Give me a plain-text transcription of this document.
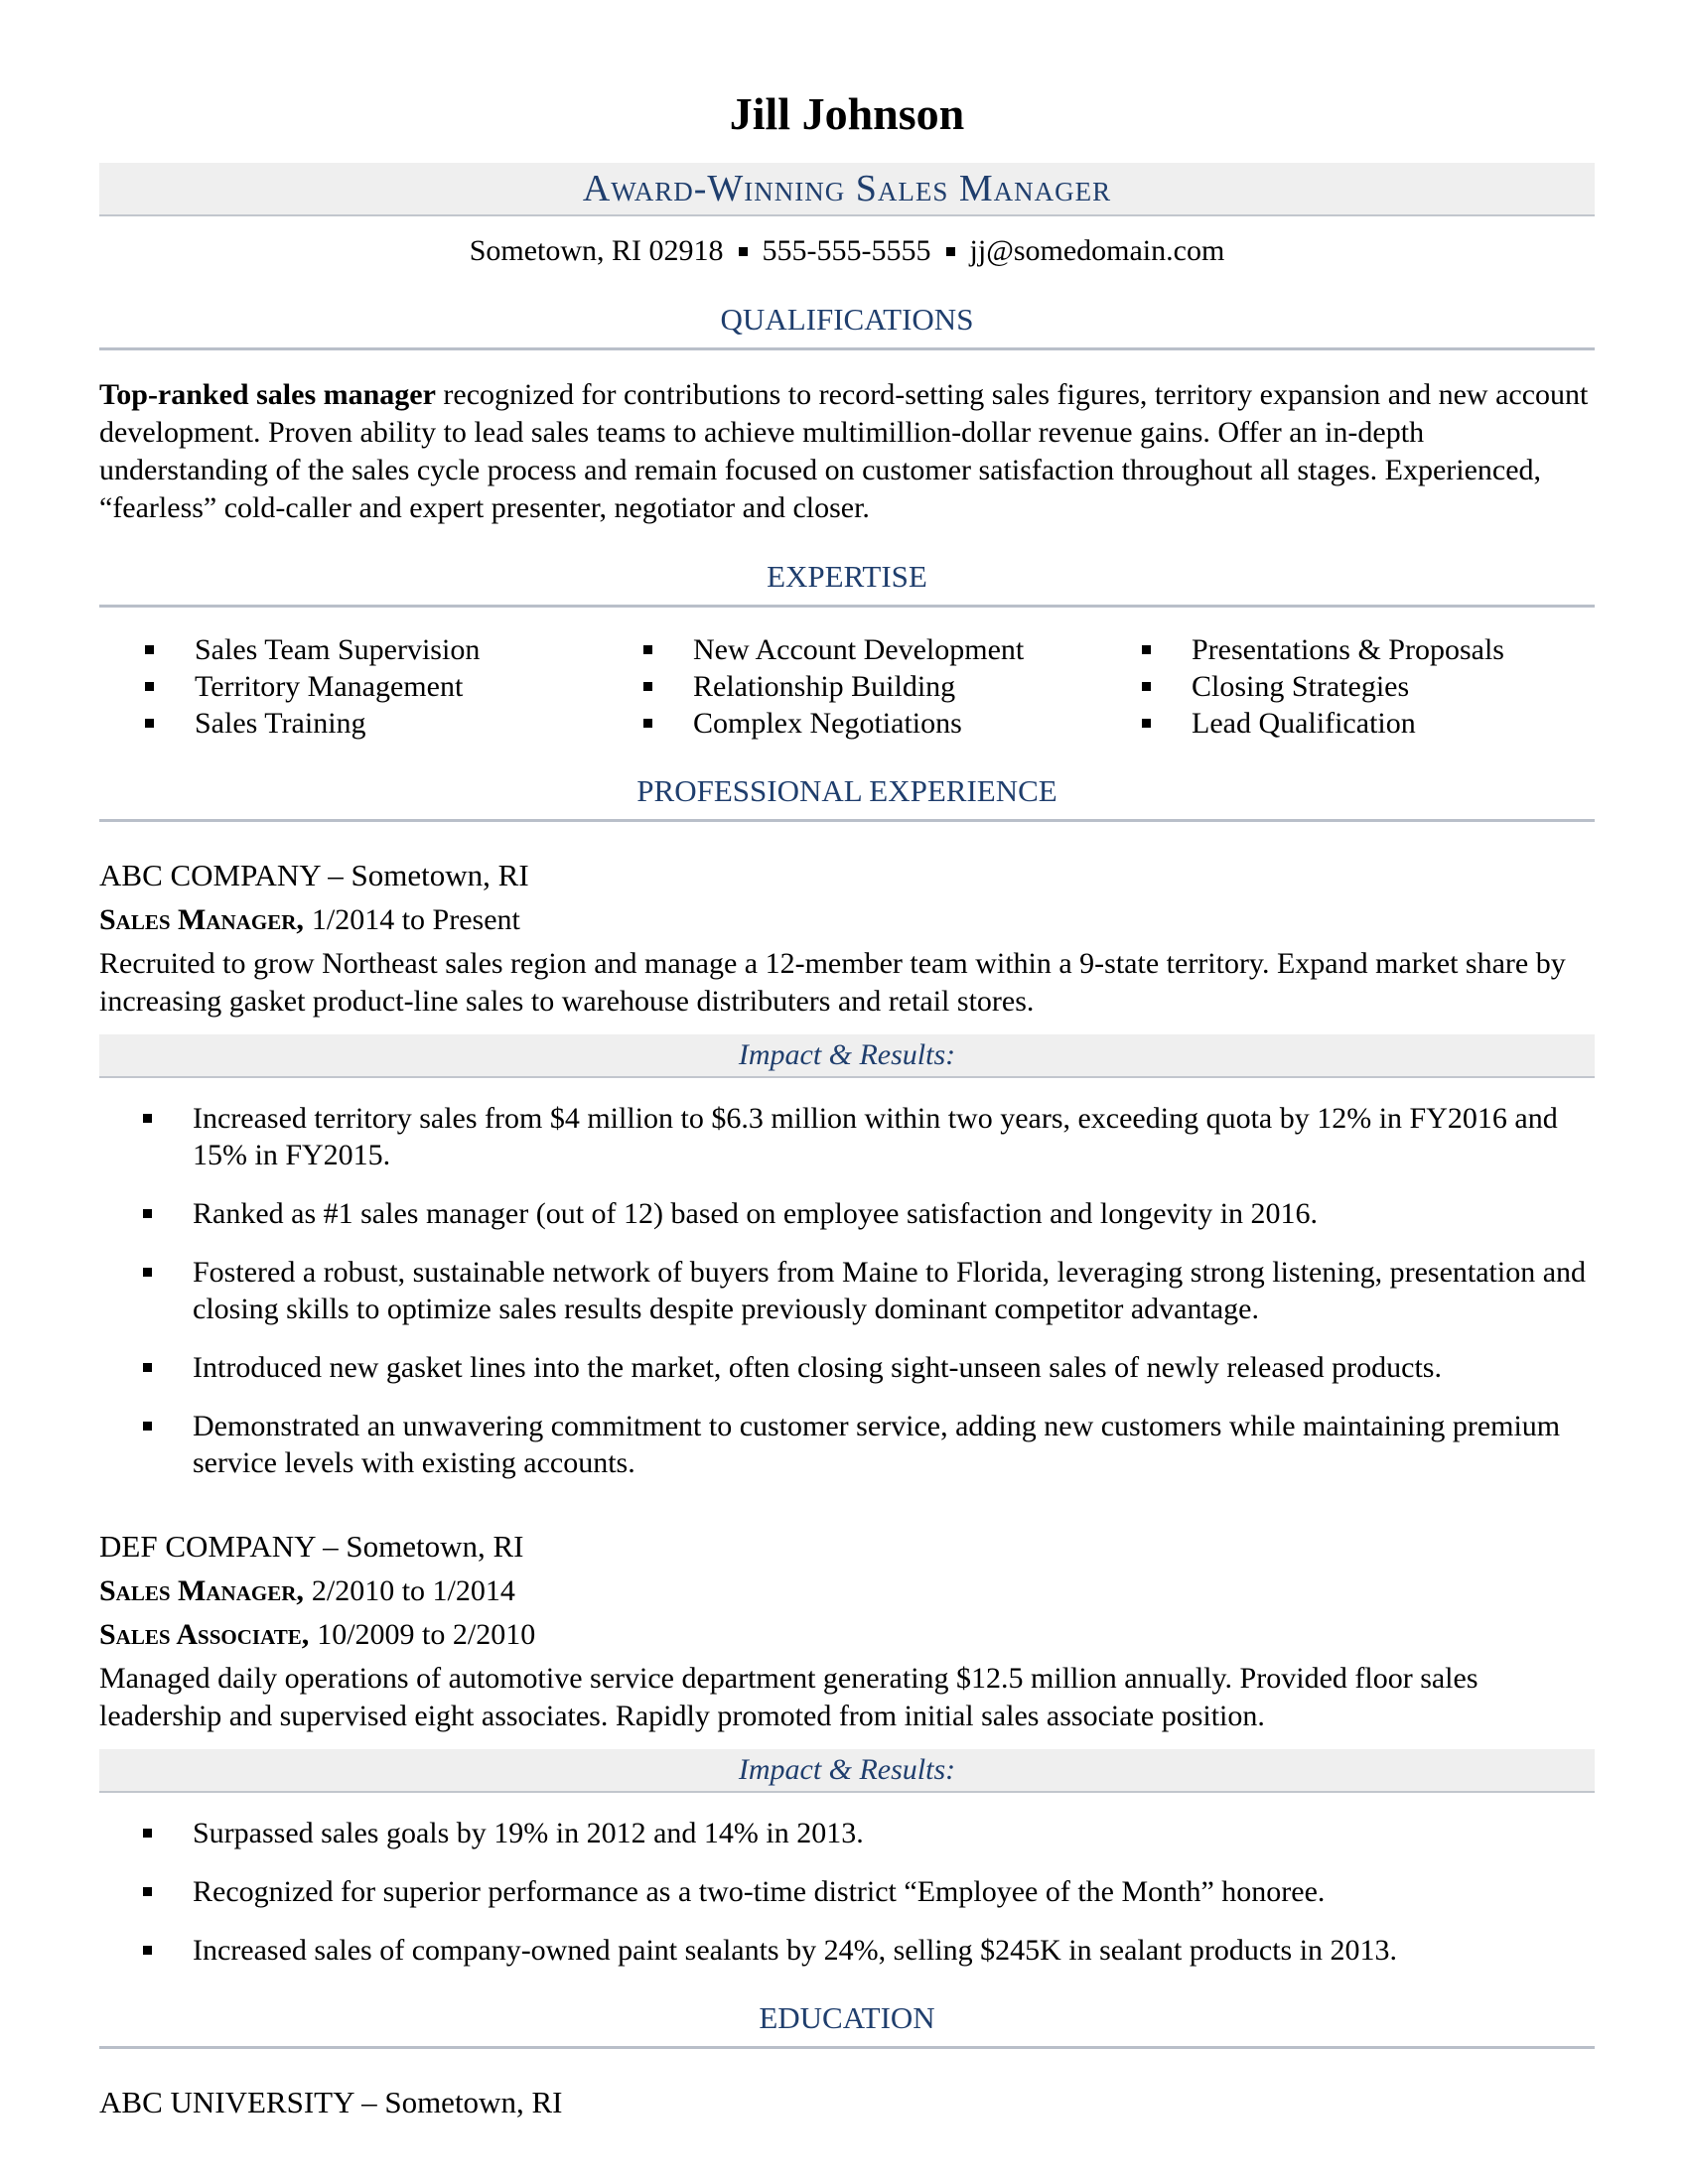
Jill Johnson
Award-Winning Sales Manager
Sometown, RI 02918 555-555-5555 jj@somedomain.com
QUALIFICATIONS
Top-ranked sales manager recognized for contributions to record-setting sales figures, territory expansion and new account development. Proven ability to lead sales teams to achieve multimillion-dollar revenue gains. Offer an in-depth understanding of the sales cycle process and remain focused on customer satisfaction throughout all stages. Experienced, “fearless” cold-caller and expert presenter, negotiator and closer.
EXPERTISE
Sales Team Supervision
Territory Management
Sales Training
New Account Development
Relationship Building
Complex Negotiations
Presentations & Proposals
Closing Strategies
Lead Qualification
PROFESSIONAL EXPERIENCE
ABC COMPANY – Sometown, RI
Sales Manager, 1/2014 to Present
Recruited to grow Northeast sales region and manage a 12-member team within a 9-state territory. Expand market share by increasing gasket product-line sales to warehouse distributers and retail stores.
Impact & Results:
Increased territory sales from $4 million to $6.3 million within two years, exceeding quota by 12% in FY2016 and 15% in FY2015.
Ranked as #1 sales manager (out of 12) based on employee satisfaction and longevity in 2016.
Fostered a robust, sustainable network of buyers from Maine to Florida, leveraging strong listening, presentation and closing skills to optimize sales results despite previously dominant competitor advantage.
Introduced new gasket lines into the market, often closing sight-unseen sales of newly released products.
Demonstrated an unwavering commitment to customer service, adding new customers while maintaining premium service levels with existing accounts.
DEF COMPANY – Sometown, RI
Sales Manager, 2/2010 to 1/2014
Sales Associate, 10/2009 to 2/2010
Managed daily operations of automotive service department generating $12.5 million annually. Provided floor sales leadership and supervised eight associates. Rapidly promoted from initial sales associate position.
Impact & Results:
Surpassed sales goals by 19% in 2012 and 14% in 2013.
Recognized for superior performance as a two-time district “Employee of the Month” honoree.
Increased sales of company-owned paint sealants by 24%, selling $245K in sealant products in 2013.
EDUCATION
ABC UNIVERSITY – Sometown, RI
